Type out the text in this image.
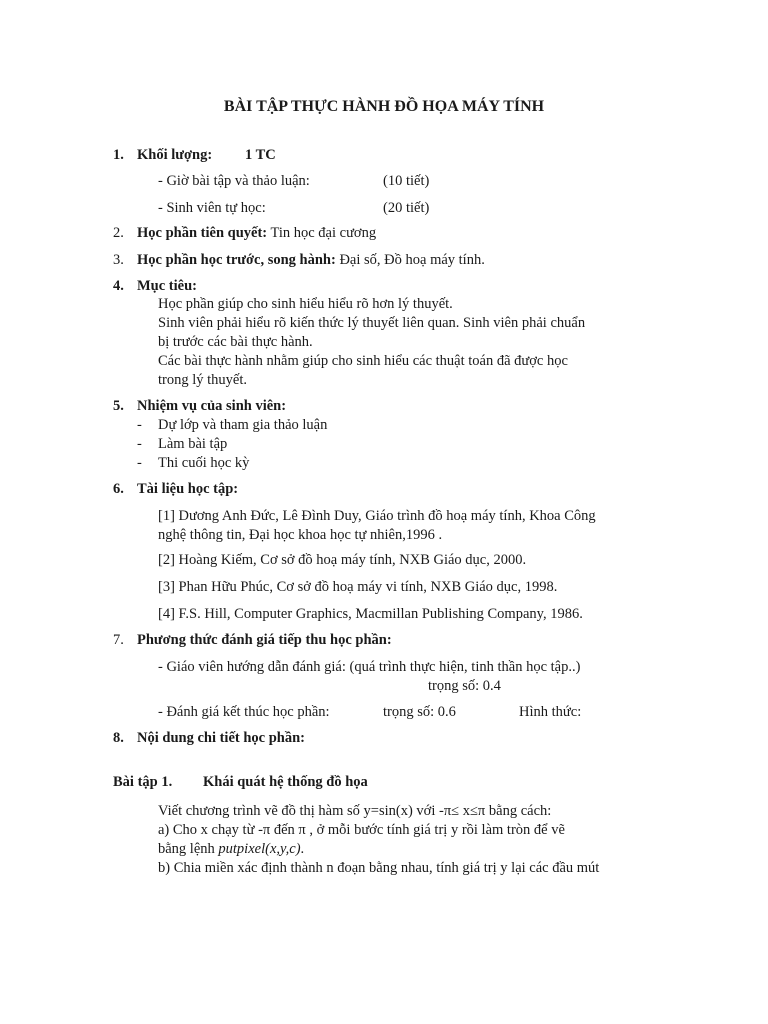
BÀI TẬP THỰC HÀNH ĐỒ HỌA MÁY TÍNH
1. Khối lượng: 1 TC
- Giờ bài tập và thảo luận:	(10 tiết)
- Sinh viên tự học:	(20 tiết)
2. Học phần tiên quyết: Tin học đại cương
3. Học phần học trước, song hành: Đại số, Đồ hoạ máy tính.
4. Mục tiêu:
Học phần giúp cho sinh hiểu hiểu rõ hơn lý thuyết.
Sinh viên phải hiểu rõ kiến thức lý thuyết liên quan. Sinh viên phải chuẩn
bị trước các bài thực hành.
Các bài thực hành nhằm giúp cho sinh hiểu các thuật toán đã được học
trong lý thuyết.
5. Nhiệm vụ của sinh viên:
- Dự lớp và tham gia thảo luận
- Làm bài tập
- Thi cuối học kỳ
6. Tài liệu học tập:
[1] Dương Anh Đức, Lê Đình Duy, Giáo trình đồ hoạ máy tính, Khoa Công
nghệ thông tin, Đại học khoa học tự nhiên,1996 .
[2] Hoàng Kiếm, Cơ sở đồ hoạ máy tính, NXB Giáo dục, 2000.
[3] Phan Hữu Phúc, Cơ sở đồ hoạ máy vi tính, NXB Giáo dục, 1998.
[4] F.S. Hill, Computer Graphics, Macmillan Publishing Company, 1986.
7. Phương thức đánh giá tiếp thu học phần:
- Giáo viên hướng dẫn đánh giá: (quá trình thực hiện, tinh thần học tập..)
trọng số: 0.4
- Đánh giá kết thúc học phần:	trọng số: 0.6	Hình thức:
8. Nội dung chi tiết học phần:
Bài tập 1. Khái quát hệ thống đồ họa
Viết chương trình vẽ đồ thị hàm số y=sin(x) với -π≤ x≤π bằng cách:
a) Cho x chạy từ -π đến π , ở mỗi bước tính giá trị y rồi làm tròn để vẽ
bằng lệnh putpixel(x,y,c).
b) Chia miền xác định thành n đoạn bằng nhau, tính giá trị y lại các đầu mút
